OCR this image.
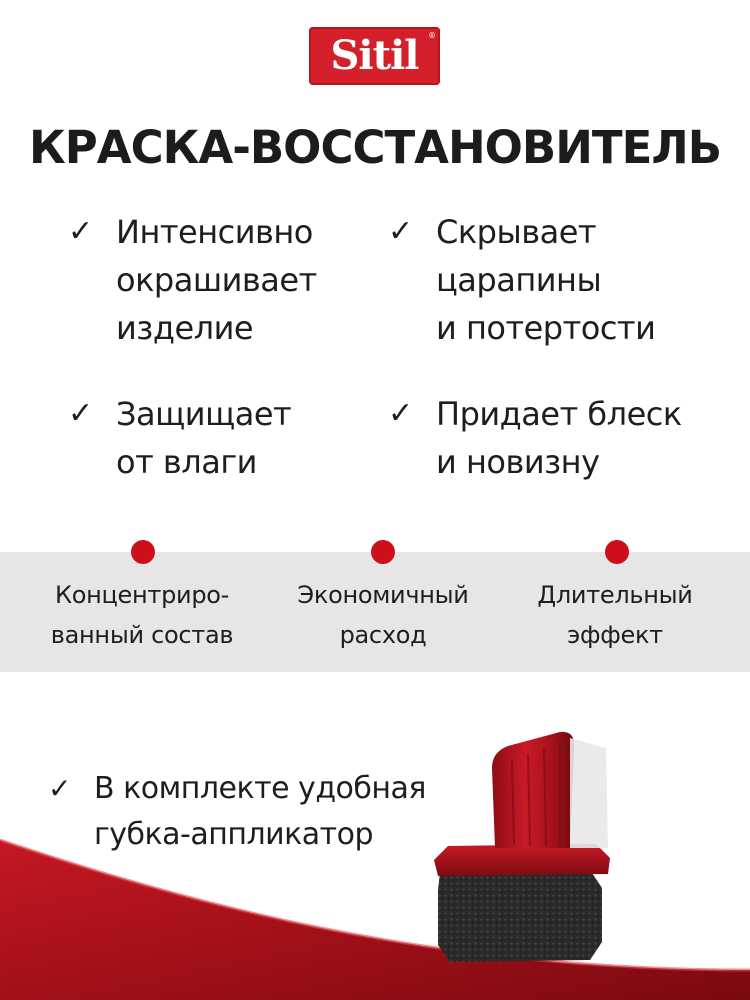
Sitil	®
КРАСКА-ВОССТАНОВИТЕЛЬ
✓ Интенсивно
окрашивает
изделие
✓ Скрывает
царапины
и потертости
✓ Защищает
от влаги
✓ Придает блеск
и новизну
Концентриро-
ванный состав
Экономичный
расход
Длительный
эффект
✓ В комплекте удобная
губка-аппликатор
